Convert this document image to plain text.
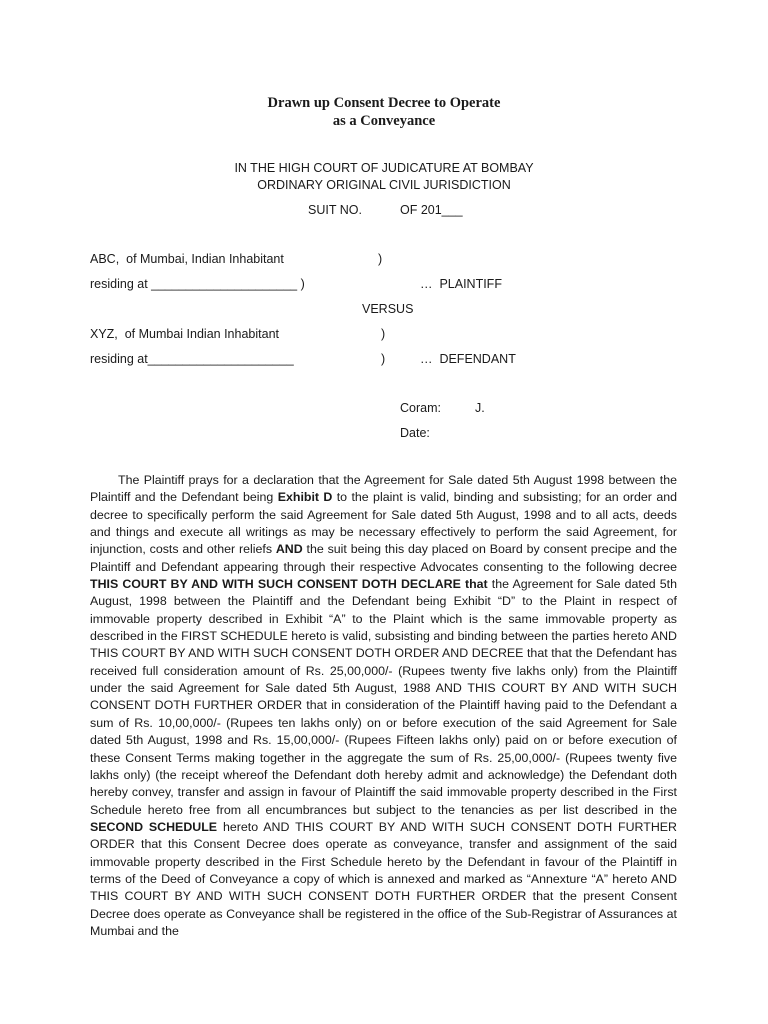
Drawn up Consent Decree to Operate
as a Conveyance
IN THE HIGH COURT OF JUDICATURE AT BOMBAY
ORDINARY ORIGINAL CIVIL JURISDICTION
SUIT NO.	OF 201___
ABC,  of Mumbai, Indian Inhabitant	)
residing at _____________________ )	…  PLAINTIFF
VERSUS
XYZ,  of Mumbai Indian Inhabitant	)
residing at_____________________	)	…  DEFENDANT
Coram:	J.
Date:
The Plaintiff prays for a declaration that the Agreement for Sale dated 5th August 1998 between the Plaintiff and the Defendant being Exhibit D to the plaint is valid, binding and subsisting; for an order and decree to specifically perform the said Agreement for Sale dated 5th August, 1998 and to all acts, deeds and things and execute all writings as may be necessary effectively to perform the said Agreement, for injunction, costs and other reliefs AND the suit being this day placed on Board by consent precipe and the Plaintiff and Defendant appearing through their respective Advocates consenting to the following decree THIS COURT BY AND WITH SUCH CONSENT DOTH DECLARE that the Agreement for Sale dated 5th August, 1998 between the Plaintiff and the Defendant being Exhibit “D” to the Plaint in respect of immovable property described in Exhibit “A” to the Plaint which is the same immovable property as described in the FIRST SCHEDULE hereto is valid, subsisting and binding between the parties hereto AND THIS COURT BY AND WITH SUCH CONSENT DOTH ORDER AND DECREE that that the Defendant has received full consideration amount of Rs. 25,00,000/- (Rupees twenty five lakhs only) from the Plaintiff under the said Agreement for Sale dated 5th August, 1988 AND THIS COURT BY AND WITH SUCH CONSENT DOTH FURTHER ORDER that in consideration of the Plaintiff having paid to the Defendant a sum of Rs. 10,00,000/- (Rupees ten lakhs only) on or before execution of the said Agreement for Sale dated 5th August, 1998 and Rs. 15,00,000/- (Rupees Fifteen lakhs only) paid on or before execution of these Consent Terms making together in the aggregate the sum of Rs. 25,00,000/- (Rupees twenty five lakhs only) (the receipt whereof the Defendant doth hereby admit and acknowledge) the Defendant doth hereby convey, transfer and assign in favour of Plaintiff the said immovable property described in the First Schedule hereto free from all encumbrances but subject to the tenancies as per list described in the SECOND SCHEDULE hereto AND THIS COURT BY AND WITH SUCH CONSENT DOTH FURTHER ORDER that this Consent Decree does operate as conveyance, transfer and assignment of the said immovable property described in the First Schedule hereto by the Defendant in favour of the Plaintiff in terms of the Deed of Conveyance a copy of which is annexed and marked as “Annexture “A” hereto AND THIS COURT BY AND WITH SUCH CONSENT DOTH FURTHER ORDER that the present Consent Decree does operate as Conveyance shall be registered in the office of the Sub-Registrar of Assurances at Mumbai and the
